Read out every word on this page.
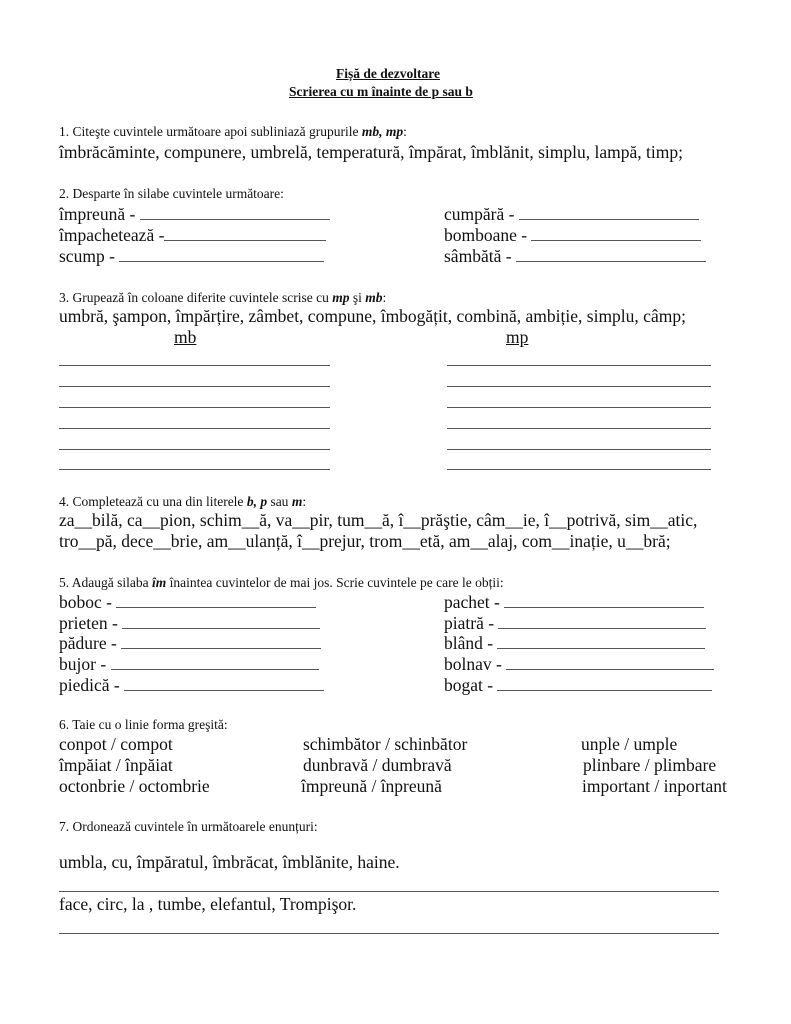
Fișă de dezvoltare
Scrierea cu m înainte de p sau b
1. Citeşte cuvintele următoare apoi subliniază grupurile mb, mp:
îmbrăcăminte, compunere, umbrelă, temperatură, împărat, îmblănit, simplu, lampă, timp;
2. Desparte în silabe cuvintele următoare:
împreună -
împachetează -
scump -
cumpără -
bomboane -
sâmbătă -
3. Grupează în coloane diferite cuvintele scrise cu mp şi mb:
umbră, şampon, împărțire, zâmbet, compune, îmbogățit, combină, ambiție, simplu, câmp;
mb	mp
4. Completează cu una din literele b, p sau m:
za__bilă, ca__pion, schim__ă, va__pir, tum__ă, î__prăştie, câm__ie, î__potrivă, sim__atic,
tro__pă, dece__brie, am__ulanță, î__prejur, trom__etă, am__alaj, com__inație, u__bră;
5. Adaugă silaba îm înaintea cuvintelor de mai jos. Scrie cuvintele pe care le obții:
boboc -
prieten -
pădure -
bujor -
piedică -
pachet -
piatră -
blând -
bolnav -
bogat -
6. Taie cu o linie forma greşită:
conpot / compot
împăiat / înpăiat
octonbrie / octombrie
schimbător / schinbător
dunbravă / dumbravă
împreună / înpreună
unple / umple
plinbare / plimbare
important / inportant
7. Ordonează cuvintele în următoarele enunțuri:
umbla, cu, împăratul, îmbrăcat, îmblănite, haine.
face, circ, la , tumbe, elefantul, Trompişor.
